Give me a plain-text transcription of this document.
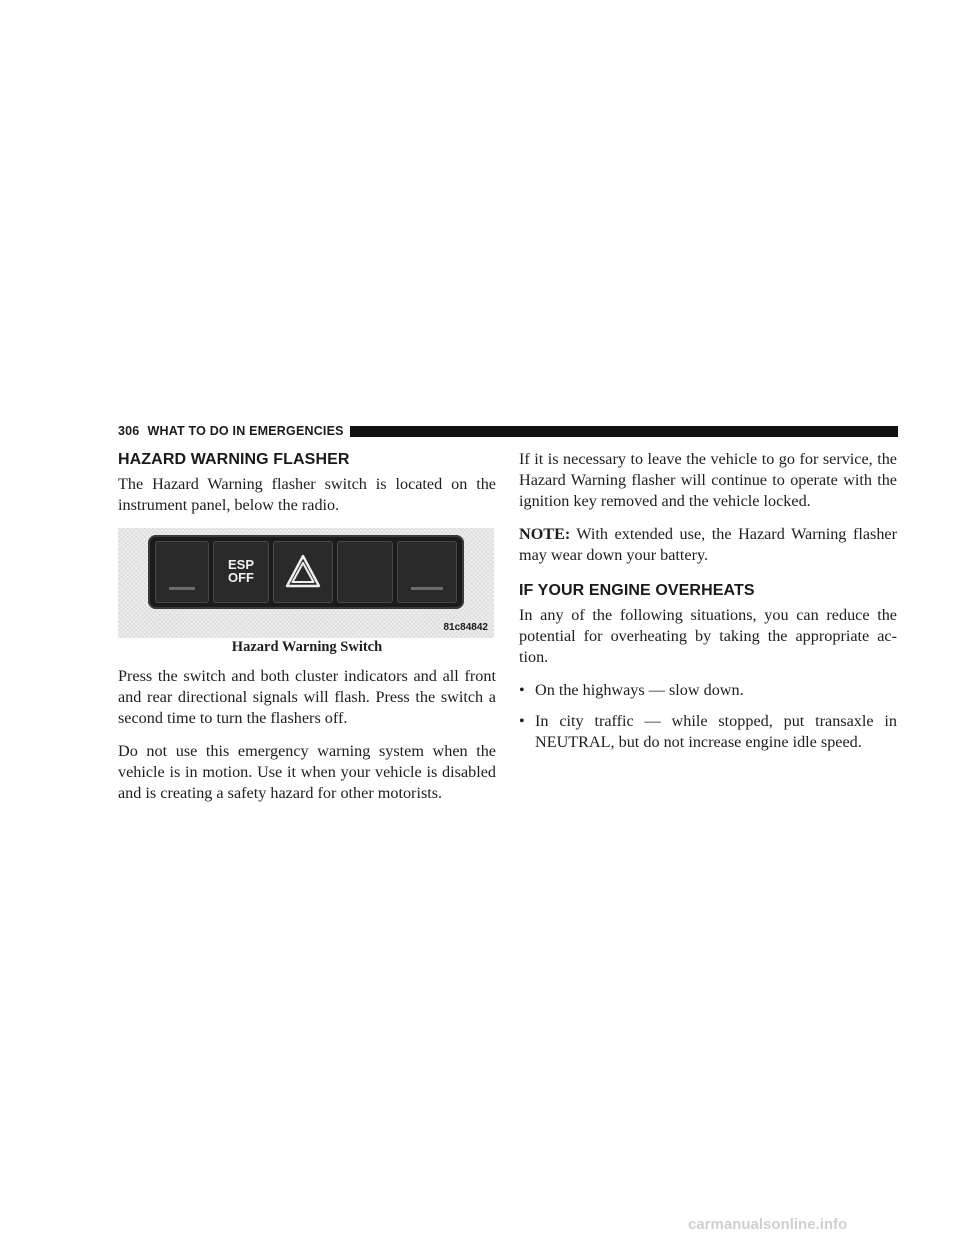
306 WHAT TO DO IN EMERGENCIES
HAZARD WARNING FLASHER

The Hazard Warning flasher switch is located on the instrument panel, below the radio.

ESP
OFF
81c84842
Hazard Warning Switch

Press the switch and both cluster indicators and all front and rear directional signals will flash. Press the switch a second time to turn the flashers off.

Do not use this emergency warning system when the vehicle is in motion. Use it when your vehicle is disabled and is creating a safety hazard for other motorists.

If it is necessary to leave the vehicle to go for service, the Hazard Warning flasher will continue to operate with the ignition key removed and the vehicle locked.

NOTE: With extended use, the Hazard Warning flasher may wear down your battery.

IF YOUR ENGINE OVERHEATS

In any of the following situations, you can reduce the potential for overheating by taking the appropriate ac- tion.

• On the highways — slow down.
• In city traffic — while stopped, put transaxle in NEUTRAL, but do not increase engine idle speed.
carmanualsonline.info
